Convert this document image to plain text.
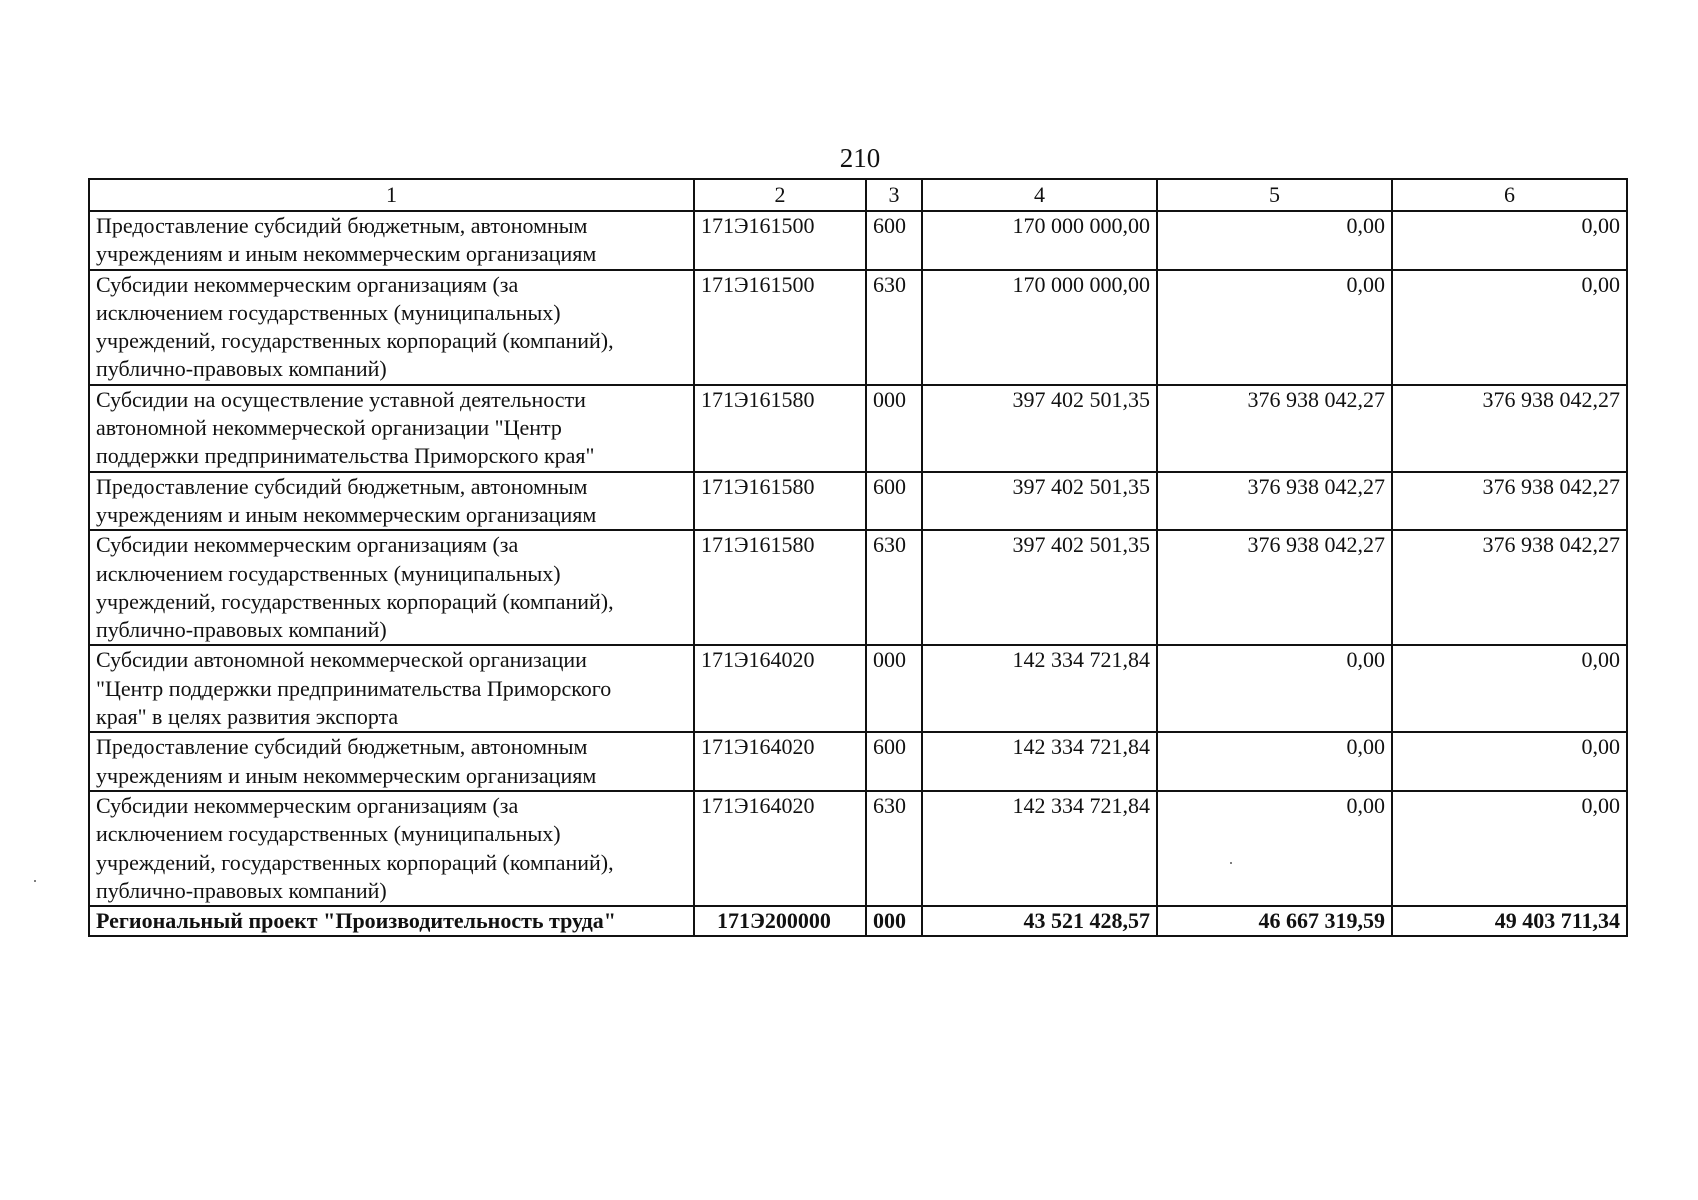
210
1	2	3	4	5	6

Предоставление субсидий бюджетным, автономным
учреждениям и иным некоммерческим организациям	171Э161500	600	170 000 000,00	0,00	0,00

Субсидии некоммерческим организациям (за
исключением государственных (муниципальных)
учреждений, государственных корпораций (компаний),
публично-правовых компаний)	171Э161500	630	170 000 000,00	0,00	0,00

Субсидии на осуществление уставной деятельности
автономной некоммерческой организации "Центр
поддержки предпринимательства Приморского края"	171Э161580	000	397 402 501,35	376 938 042,27	376 938 042,27

Предоставление субсидий бюджетным, автономным
учреждениям и иным некоммерческим организациям	171Э161580	600	397 402 501,35	376 938 042,27	376 938 042,27

Субсидии некоммерческим организациям (за
исключением государственных (муниципальных)
учреждений, государственных корпораций (компаний),
публично-правовых компаний)	171Э161580	630	397 402 501,35	376 938 042,27	376 938 042,27

Субсидии автономной некоммерческой организации
"Центр поддержки предпринимательства Приморского
края" в целях развития экспорта	171Э164020	000	142 334 721,84	0,00	0,00

Предоставление субсидий бюджетным, автономным
учреждениям и иным некоммерческим организациям	171Э164020	600	142 334 721,84	0,00	0,00

Субсидии некоммерческим организациям (за
исключением государственных (муниципальных)
учреждений, государственных корпораций (компаний),
публично-правовых компаний)	171Э164020	630	142 334 721,84	0,00	0,00
Региональный проект "Производительность труда"	171Э200000	000	43 521 428,57	46 667 319,59	49 403 711,34
